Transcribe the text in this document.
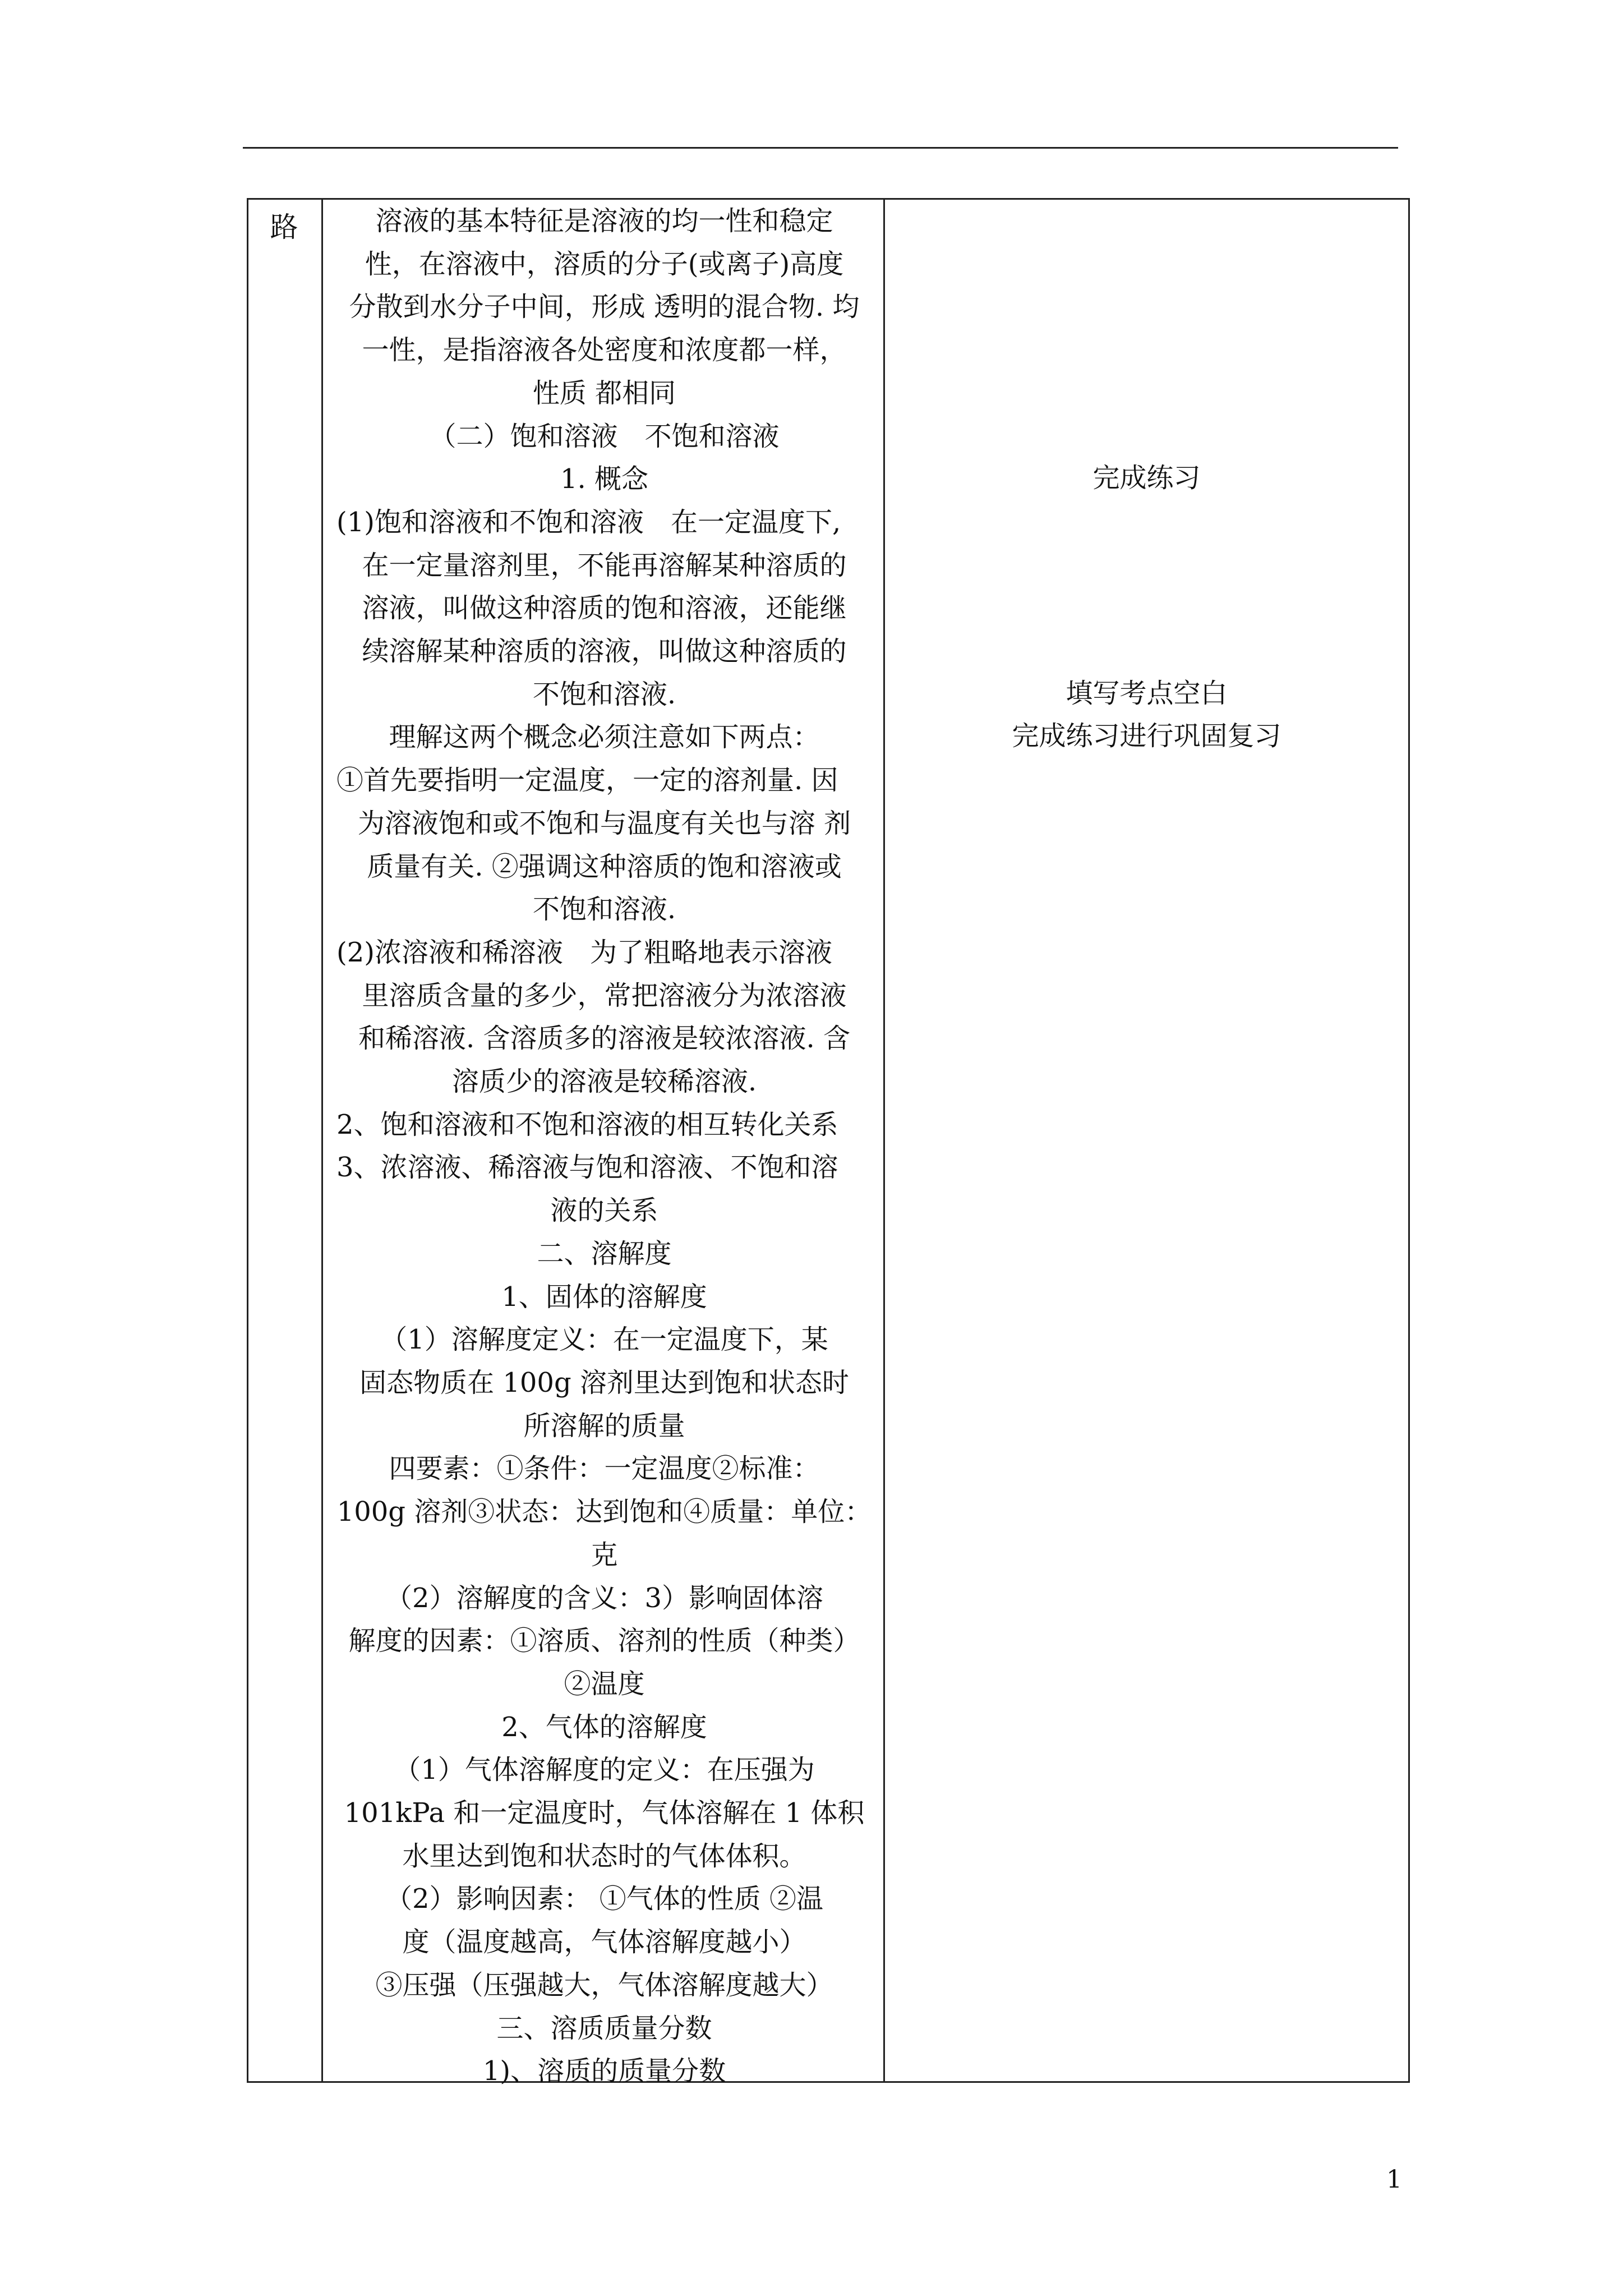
路	溶液的基本特征是溶液的均一性和稳定
性，在溶液中，溶质的分子(或离子)高度
分散到水分子中间，形成 透明的混合物. 均
一性，是指溶液各处密度和浓度都一样，
性质 都相同
（二）饱和溶液　不饱和溶液
1. 概念
(1)饱和溶液和不饱和溶液　在一定温度下,
在一定量溶剂里，不能再溶解某种溶质的
溶液，叫做这种溶质的饱和溶液，还能继
续溶解某种溶质的溶液，叫做这种溶质的
不饱和溶液.
理解这两个概念必须注意如下两点：
①首先要指明一定温度，一定的溶剂量. 因
为溶液饱和或不饱和与温度有关也与溶 剂
质量有关. ②强调这种溶质的饱和溶液或
不饱和溶液.
(2)浓溶液和稀溶液　为了粗略地表示溶液
里溶质含量的多少，常把溶液分为浓溶液
和稀溶液. 含溶质多的溶液是较浓溶液. 含
溶质少的溶液是较稀溶液.
2、饱和溶液和不饱和溶液的相互转化关系
3、浓溶液、稀溶液与饱和溶液、不饱和溶
液的关系
二、溶解度
1、固体的溶解度
（1）溶解度定义：在一定温度下，某
固态物质在 100g 溶剂里达到饱和状态时
所溶解的质量
四要素：①条件：一定温度②标准：
100g 溶剂③状态：达到饱和④质量：单位：
克
（2）溶解度的含义：3）影响固体溶
解度的因素：①溶质、溶剂的性质（种类）
②温度
2、气体的溶解度
（1）气体溶解度的定义：在压强为
101kPa 和一定温度时，气体溶解在 1 体积
水里达到饱和状态时的气体体积。
（2）影响因素： ①气体的性质 ②温
度（温度越高，气体溶解度越小）
③压强（压强越大，气体溶解度越大）
三、溶质质量分数
1)、溶质的质量分数
完成练习
填写考点空白
完成练习进行巩固复习
1
